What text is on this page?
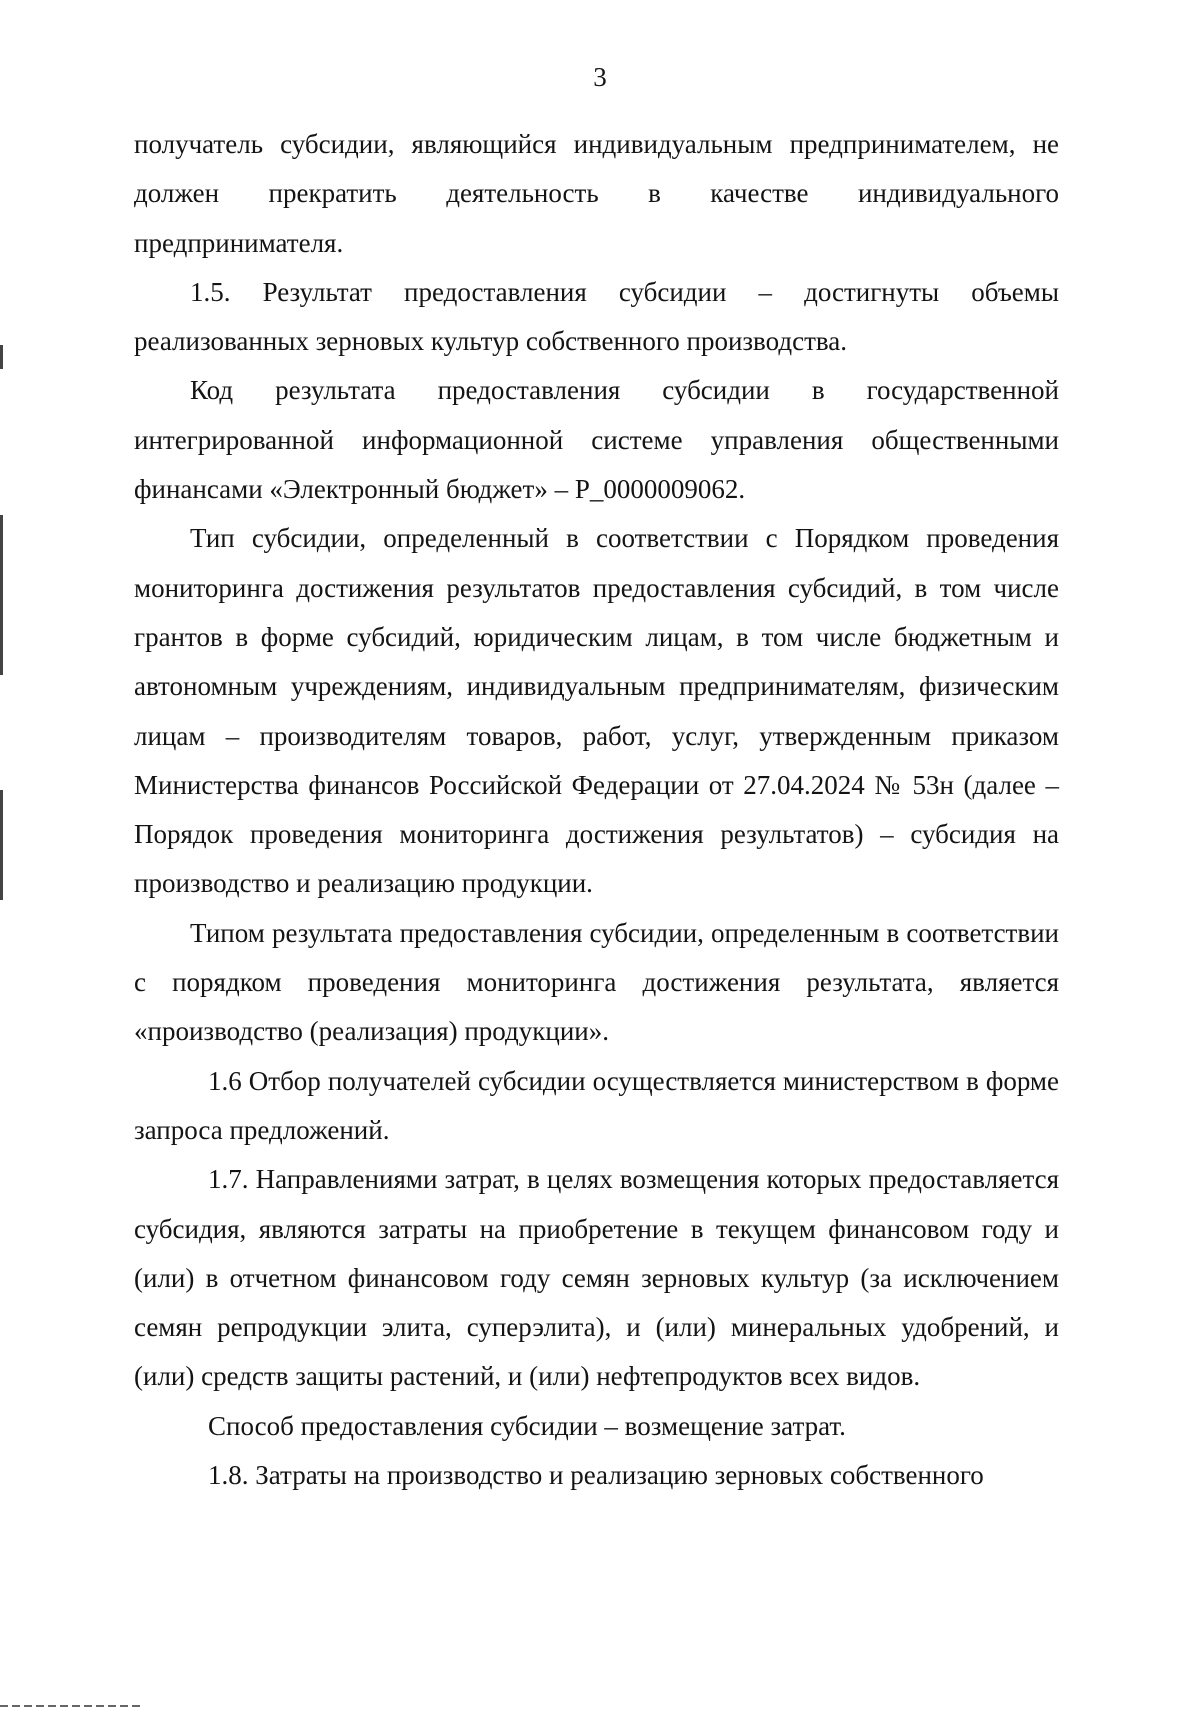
3

получатель субсидии, являющийся индивидуальным предпринимателем, не должен прекратить деятельность в качестве индивидуального предпринимателя.

1.5. Результат предоставления субсидии – достигнуты объемы реализованных зерновых культур собственного производства.

Код результата предоставления субсидии в государственной интегрированной информационной системе управления общественными финансами «Электронный бюджет» – Р_0000009062.

Тип субсидии, определенный в соответствии с Порядком проведения мониторинга достижения результатов предоставления субсидий, в том числе грантов в форме субсидий, юридическим лицам, в том числе бюджетным и автономным учреждениям, индивидуальным предпринимателям, физическим лицам – производителям товаров, работ, услуг, утвержденным приказом Министерства финансов Российской Федерации от 27.04.2024 № 53н (далее – Порядок проведения мониторинга достижения результатов) – субсидия на производство и реализацию продукции.

Типом результата предоставления субсидии, определенным в соответствии с порядком проведения мониторинга достижения результата, является «производство (реализация) продукции».

1.6 Отбор получателей субсидии осуществляется министерством в форме запроса предложений.

1.7. Направлениями затрат, в целях возмещения которых предоставляется субсидия, являются затраты на приобретение в текущем финансовом году и (или) в отчетном финансовом году семян зерновых культур (за исключением семян репродукции элита, суперэлита), и (или) минеральных удобрений, и (или) средств защиты растений, и (или) нефтепродуктов всех видов.

Способ предоставления субсидии – возмещение затрат.

1.8. Затраты на производство и реализацию зерновых собственного
